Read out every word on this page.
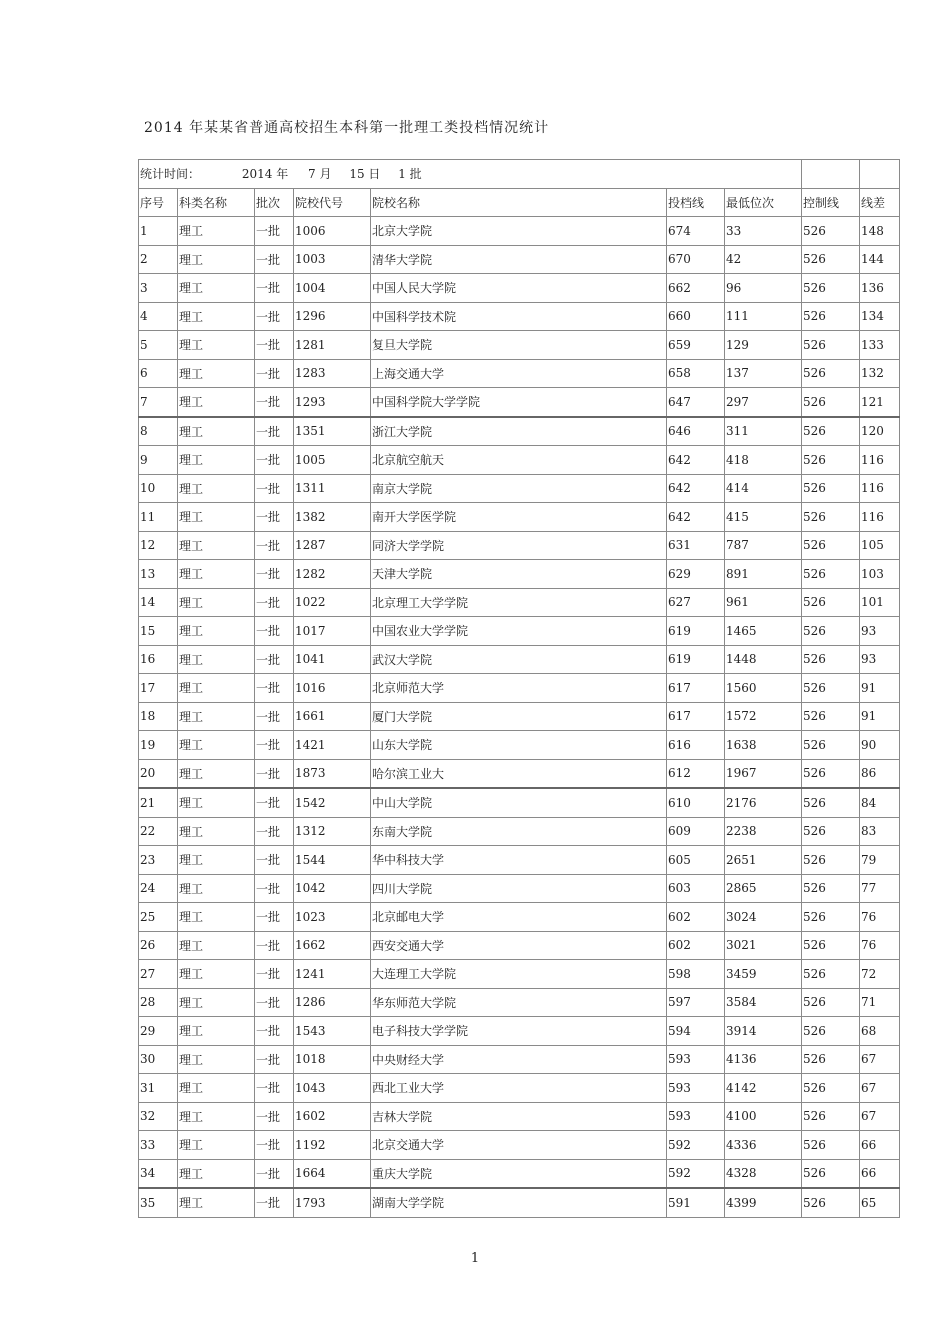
2014 年某某省普通高校招生本科第一批理工类投档情况统计
统计时间： 2014 年 7 月 15 日 1 批								
序号	科类名称	批次	院校代号	院校名称	投档线	最低位次	控制线	线差
1	理工	一批	1006	北京大学院	674	33	526	148
2	理工	一批	1003	清华大学院	670	42	526	144
3	理工	一批	1004	中国人民大学院	662	96	526	136
4	理工	一批	1296	中国科学技术院	660	111	526	134
5	理工	一批	1281	复旦大学院	659	129	526	133
6	理工	一批	1283	上海交通大学	658	137	526	132
7	理工	一批	1293	中国科学院大学学院	647	297	526	121
8	理工	一批	1351	浙江大学院	646	311	526	120
9	理工	一批	1005	北京航空航天	642	418	526	116
10	理工	一批	1311	南京大学院	642	414	526	116
11	理工	一批	1382	南开大学医学院	642	415	526	116
12	理工	一批	1287	同济大学学院	631	787	526	105
13	理工	一批	1282	天津大学院	629	891	526	103
14	理工	一批	1022	北京理工大学学院	627	961	526	101
15	理工	一批	1017	中国农业大学学院	619	1465	526	93
16	理工	一批	1041	武汉大学院	619	1448	526	93
17	理工	一批	1016	北京师范大学	617	1560	526	91
18	理工	一批	1661	厦门大学院	617	1572	526	91
19	理工	一批	1421	山东大学院	616	1638	526	90
20	理工	一批	1873	哈尔滨工业大	612	1967	526	86
21	理工	一批	1542	中山大学院	610	2176	526	84
22	理工	一批	1312	东南大学院	609	2238	526	83
23	理工	一批	1544	华中科技大学	605	2651	526	79
24	理工	一批	1042	四川大学院	603	2865	526	77
25	理工	一批	1023	北京邮电大学	602	3024	526	76
26	理工	一批	1662	西安交通大学	602	3021	526	76
27	理工	一批	1241	大连理工大学院	598	3459	526	72
28	理工	一批	1286	华东师范大学院	597	3584	526	71
29	理工	一批	1543	电子科技大学学院	594	3914	526	68
30	理工	一批	1018	中央财经大学	593	4136	526	67
31	理工	一批	1043	西北工业大学	593	4142	526	67
32	理工	一批	1602	吉林大学院	593	4100	526	67
33	理工	一批	1192	北京交通大学	592	4336	526	66
34	理工	一批	1664	重庆大学院	592	4328	526	66
35	理工	一批	1793	湖南大学学院	591	4399	526	65
1
